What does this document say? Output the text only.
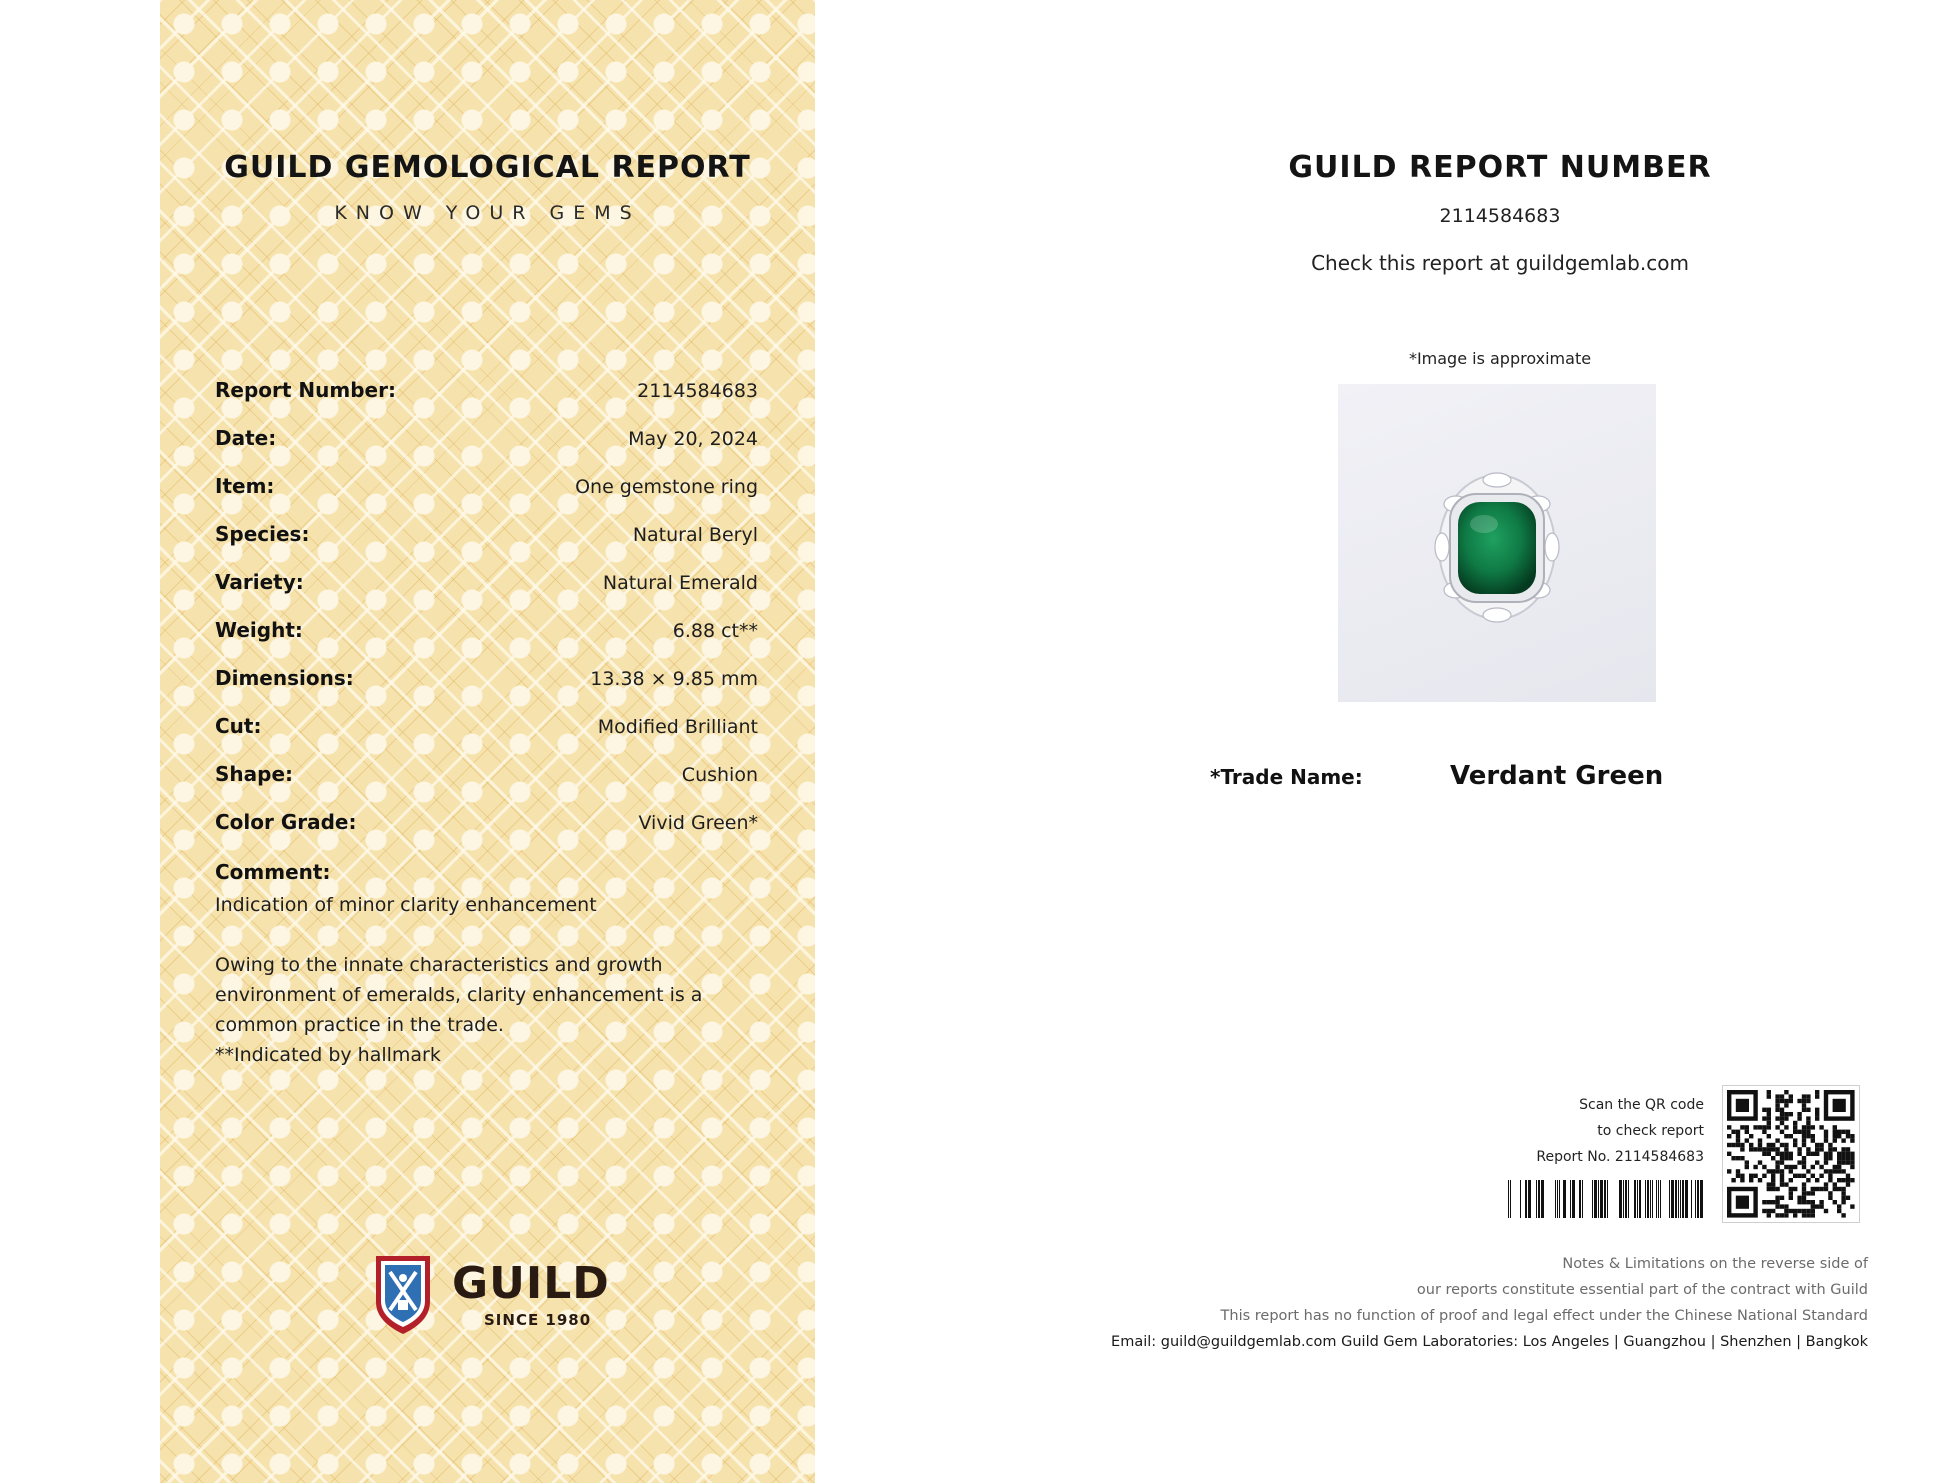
GUILD GEMOLOGICAL REPORT
KNOW YOUR GEMS
Report Number:	2114584683
Date:	May 20, 2024
Item:	One gemstone ring
Species:	Natural Beryl
Variety:	Natural Emerald
Weight:	6.88 ct**
Dimensions:	13.38 × 9.85 mm
Cut:	Modified Brilliant
Shape:	Cushion
Color Grade:	Vivid Green*
Comment:
Indication of minor clarity enhancement
Owing to the innate characteristics and growth
environment of emeralds, clarity enhancement is a
common practice in the trade.
**Indicated by hallmark
GUILD
SINCE 1980
GUILD REPORT NUMBER
2114584683
Check this report at guildgemlab.com
*Image is approximate
*Trade Name:	Verdant Green
Scan the QR code
to check report
Report No. 2114584683
Notes & Limitations on the reverse side of
our reports constitute essential part of the contract with Guild
This report has no function of proof and legal effect under the Chinese National Standard
Email: guild@guildgemlab.com Guild Gem Laboratories: Los Angeles | Guangzhou | Shenzhen | Bangkok
